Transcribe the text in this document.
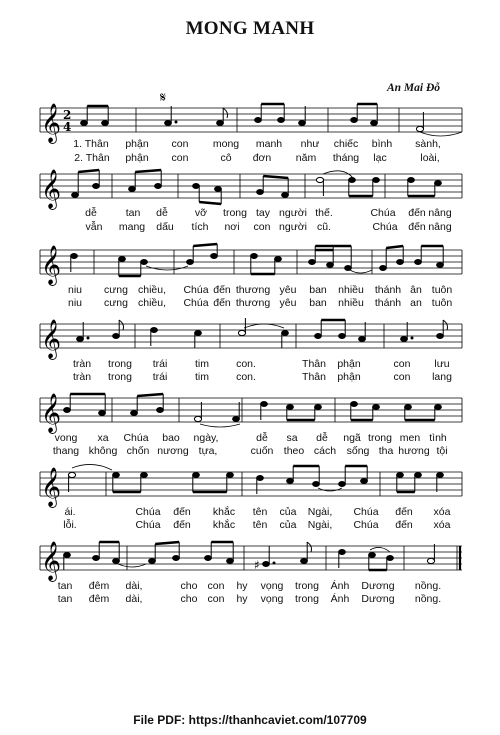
MONG MANH
An Mai Đỗ
𝄞 2
4
𝄋
1. Thân phận con mong manh như chiếc bình sành,
2. Thân phận con	cô đơn năm tháng lạc	loài,
𝄞
dễ	tan dễ	vỡ trong tay người thế.	Chúa đến nâng
vẫn mang dấu tích nơi con người cũ.	Chúa đến nâng
𝄞
niu cưng chiều, Chúa đến thương yêu ban nhiều thánh ân tuôn
niu cưng chiều, Chúa đến thương yêu ban nhiều thánh an tuôn
𝄞
tràn trong trái	tim	con.	Thân phận	con lưu
tràn trong trái	tim	con.	Thân phận	con lang
𝄞
vong xa Chúa bao ngày,	dễ sa dễ ngã trong men tình
thang không chốn nương tựa,	cuốn theo cách sống tha hương tội
𝄞
ái.	Chúa đến khắc tên của Ngài, Chúa đến xóa
lỗi.	Chúa đến khắc tên của Ngài, Chúa đến xóa
𝄞	♯
tan đêm dài,	cho con hy vọng trong Ánh Dương nồng.
tan đêm dài,	cho con hy vọng trong Ánh Dương nồng.
File PDF: https://thanhcaviet.com/107709
